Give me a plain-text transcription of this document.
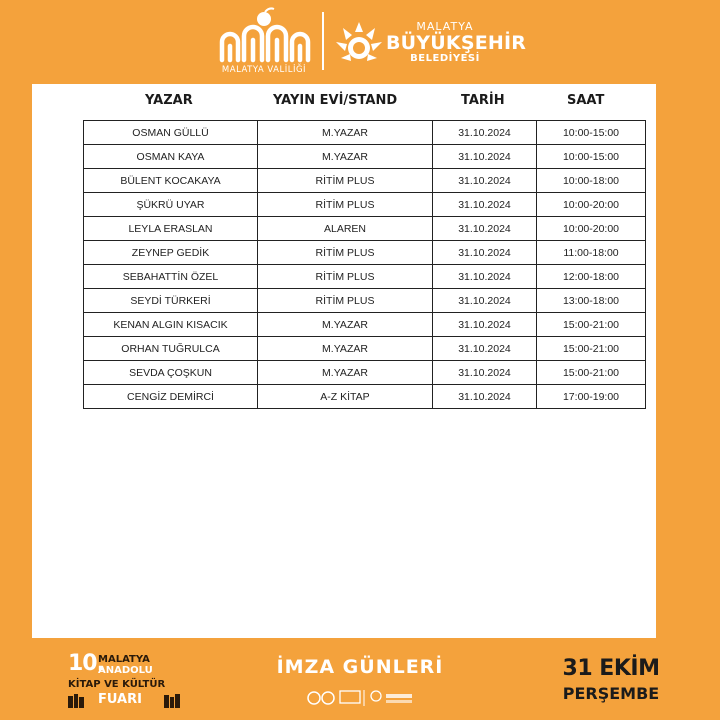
MALATYA VALİLİĞİ
MALATYA
BÜYÜKŞEHİR
BELEDİYESİ
YAZAR	YAYIN EVİ/STAND	TARİH	SAAT
OSMAN GÜLLÜ	M.YAZAR	31.10.2024	10:00-15:00
OSMAN KAYA	M.YAZAR	31.10.2024	10:00-15:00
BÜLENT KOCAKAYA	RİTİM PLUS	31.10.2024	10:00-18:00
ŞÜKRÜ UYAR	RİTİM PLUS	31.10.2024	10:00-20:00
LEYLA ERASLAN	ALAREN	31.10.2024	10:00-20:00
ZEYNEP GEDİK	RİTİM PLUS	31.10.2024	11:00-18:00
SEBAHATTİN ÖZEL	RİTİM PLUS	31.10.2024	12:00-18:00
SEYDİ TÜRKERİ	RİTİM PLUS	31.10.2024	13:00-18:00
KENAN ALGIN KISACIK	M.YAZAR	31.10.2024	15:00-21:00
ORHAN TUĞRULCA	M.YAZAR	31.10.2024	15:00-21:00
SEVDA ÇOŞKUN	M.YAZAR	31.10.2024	15:00-21:00
CENGİZ DEMİRCİ	A-Z KİTAP	31.10.2024	17:00-19:00
10.
MALATYA
ANADOLU
KİTAP VE KÜLTÜR
FUARI
İMZA GÜNLERİ	31 EKİM
PERŞEMBE
